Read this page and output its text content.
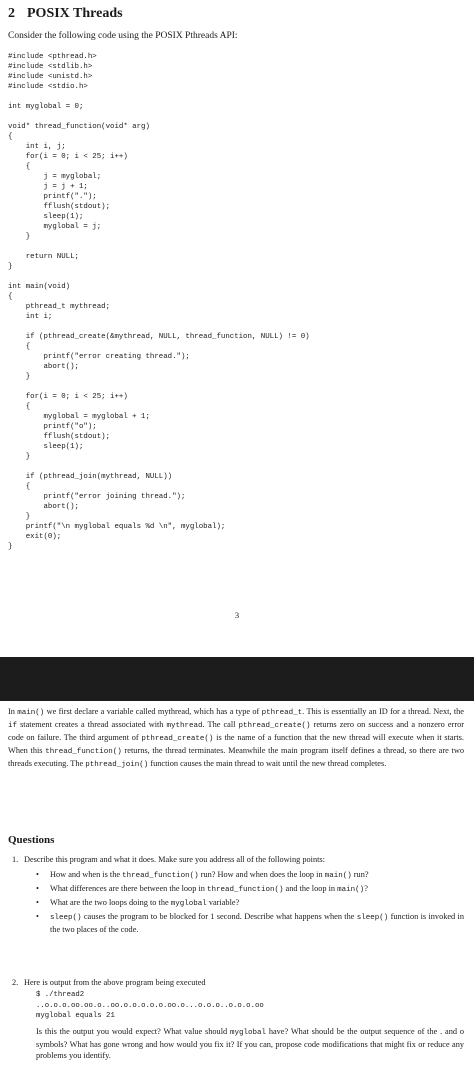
2 POSIX Threads

Consider the following code using the POSIX Pthreads API:

#include <pthread.h>
#include <stdlib.h>
#include <unistd.h>
#include <stdio.h>

int myglobal = 0;

void* thread_function(void* arg)
{
int i, j;
for(i = 0; i < 25; i++)
{
j = myglobal;
j = j + 1;
printf(".");
fflush(stdout);
sleep(1);
myglobal = j;
}

return NULL;
}

int main(void)
{
pthread_t mythread;
int i;

if (pthread_create(&mythread, NULL, thread_function, NULL) != 0)
{
printf("error creating thread.");
abort();
}

for(i = 0; i < 25; i++)
{
myglobal = myglobal + 1;
printf("o");
fflush(stdout);
sleep(1);
}

if (pthread_join(mythread, NULL))
{
printf("error joining thread.");
abort();
}
printf("\n myglobal equals %d \n", myglobal);
exit(0);
}
3

In main() we first declare a variable called mythread, which has a type of pthread_t. This is essentially an ID for a thread. Next, the if statement creates a thread associated with mythread. The call pthread_create() returns zero on success and a nonzero error code on failure. The third argument of pthread_create() is the name of a function that the new thread will execute when it starts. When this thread_function() returns, the thread terminates. Meanwhile the main program itself defines a thread, so there are two threads executing. The pthread_join() function causes the main thread to wait until the new thread completes.

Questions

1. Describe this program and what it does. Make sure you address all of the following points:

• How and when is the thread_function() run? How and when does the loop in main() run?
• What differences are there between the loop in thread_function() and the loop in main()?
• What are the two loops doing to the myglobal variable?
• sleep() causes the program to be blocked for 1 second. Describe what happens when the sleep() function is invoked in the two places of the code.

2. Here is output from the above program being executed

$ ./thread2
..o.o.o.oo.oo.o..oo.o.o.o.o.o.oo.o...o.o.o..o.o.o.oo
myglobal equals 21

Is this the output you would expect? What value should myglobal have? What should be the output sequence of the . and o symbols? What has gone wrong and how would you fix it? If you can, propose code modifications that might fix or reduce any problems you identify.
